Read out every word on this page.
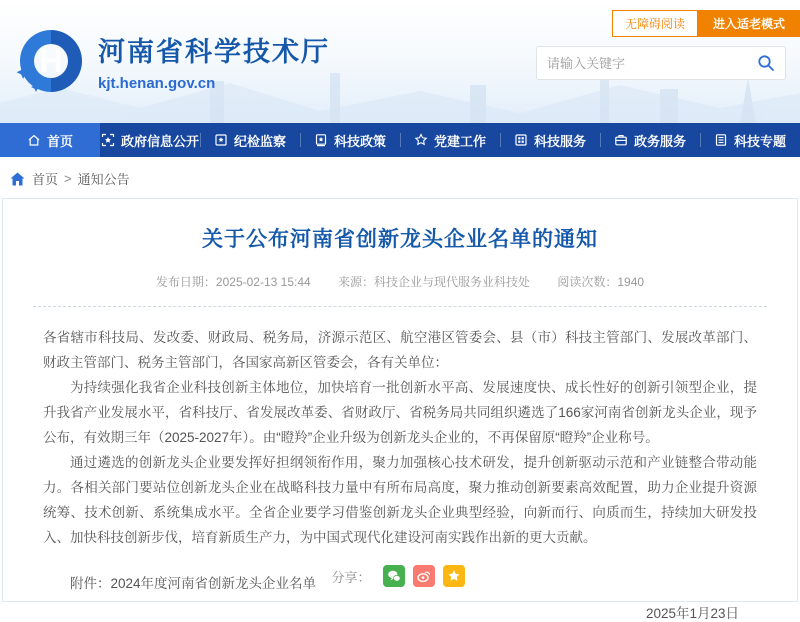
无障碍阅读	进入适老模式
H 河南省科学技术厅
kjt.henan.gov.cn
请输入关键字
首页	政府信息公开	纪检监察	科技政策	党建工作	科技服务	政务服务	科技专题
首页 > 通知公告
关于公布河南省创新龙头企业名单的通知
发布日期：2025-02-13 15:44 来源：科技企业与现代服务业科技处 阅读次数：1940

各省辖市科技局、发改委、财政局、税务局，济源示范区、航空港区管委会、县（市）科技主管部门、发展改革部门、财政主管部门、税务主管部门，各国家高新区管委会，各有关单位：

为持续强化我省企业科技创新主体地位，加快培育一批创新水平高、发展速度快、成长性好的创新引领型企业，提升我省产业发展水平，省科技厅、省发展改革委、省财政厅、省税务局共同组织遴选了166家河南省创新龙头企业，现予公布，有效期三年（2025-2027年）。由“瞪羚”企业升级为创新龙头企业的，不再保留原“瞪羚”企业称号。

通过遴选的创新龙头企业要发挥好担纲领衔作用，聚力加强核心技术研发，提升创新驱动示范和产业链整合带动能力。各相关部门要站位创新龙头企业在战略科技力量中有所布局高度，聚力推动创新要素高效配置，助力企业提升资源统筹、技术创新、系统集成水平。全省企业要学习借鉴创新龙头企业典型经验，向新而行、向质而生，持续加大研发投入、加快科技创新步伐，培育新质生产力，为中国式现代化建设河南实践作出新的更大贡献。

附件：2024年度河南省创新龙头企业名单
2025年1月23日
分享：
